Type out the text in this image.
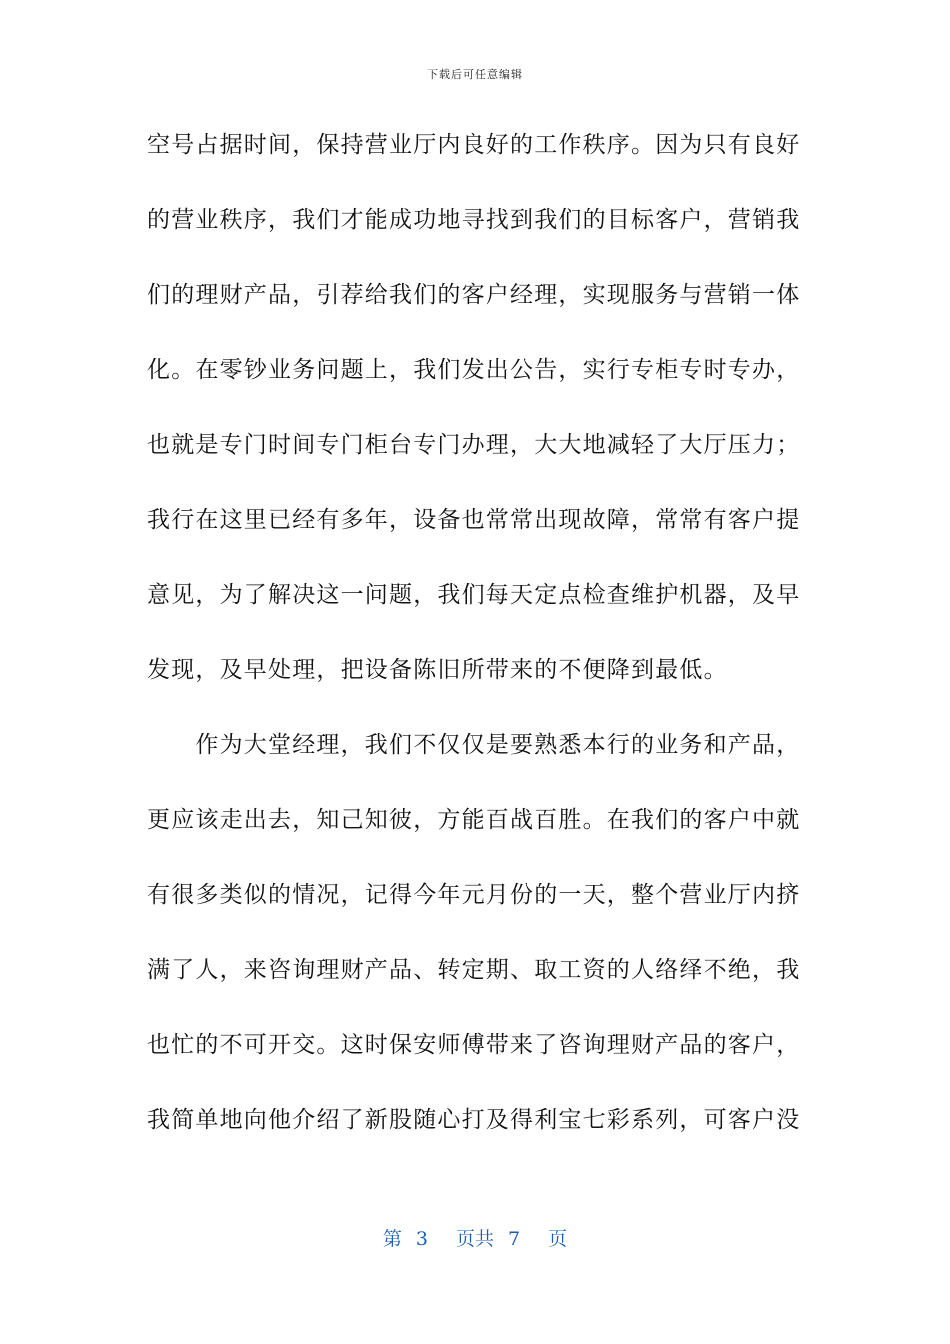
下载后可任意编辑
空号占据时间，保持营业厅内良好的工作秩序。因为只有良好
的营业秩序，我们才能成功地寻找到我们的目标客户，营销我
们的理财产品，引荐给我们的客户经理，实现服务与营销一体
化。在零钞业务问题上，我们发出公告，实行专柜专时专办，
也就是专门时间专门柜台专门办理，大大地减轻了大厅压力；
我行在这里已经有多年，设备也常常出现故障，常常有客户提
意见，为了解决这一问题，我们每天定点检查维护机器，及早
发现，及早处理，把设备陈旧所带来的不便降到最低。
　　作为大堂经理，我们不仅仅是要熟悉本行的业务和产品，
更应该走出去，知己知彼，方能百战百胜。在我们的客户中就
有很多类似的情况，记得今年元月份的一天，整个营业厅内挤
满了人，来咨询理财产品、转定期、取工资的人络绎不绝，我
也忙的不可开交。这时保安师傅带来了咨询理财产品的客户，
我简单地向他介绍了新股随心打及得利宝七彩系列，可客户没
第 3 页共 7 页
